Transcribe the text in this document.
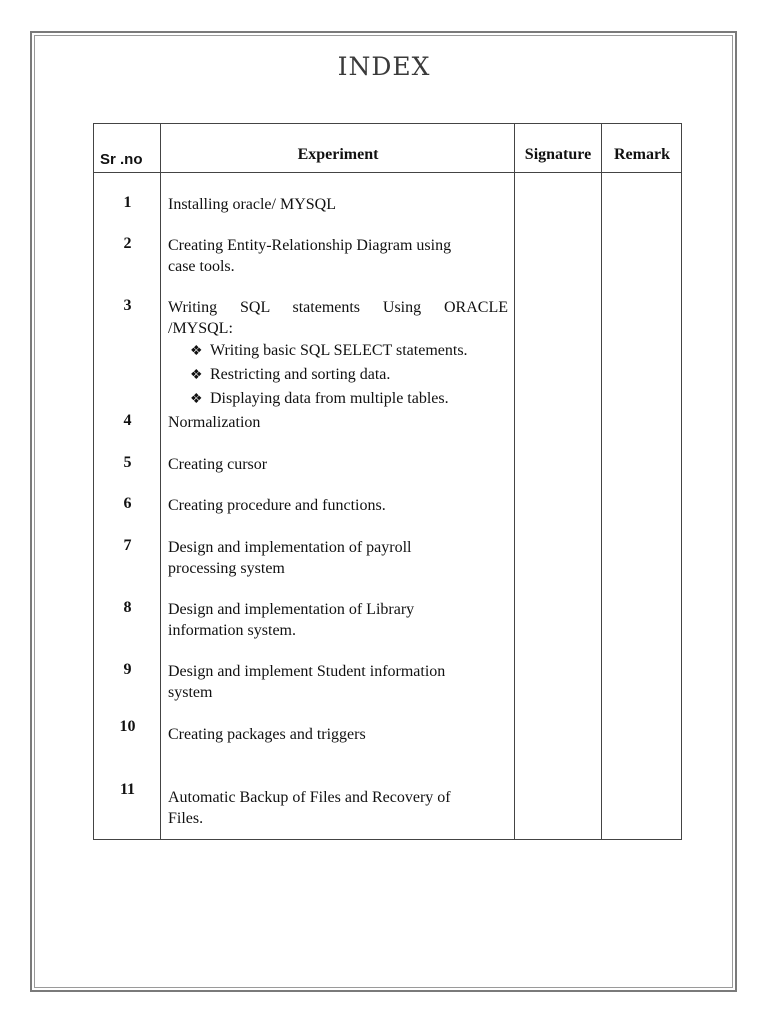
INDEX
Sr .no	Experiment	Signature	Remark
1	Installing oracle/ MYSQL
2	Creating Entity-Relationship Diagram using
case tools.
3	Writing SQL statements Using ORACLE
/MYSQL:
❖ Writing basic SQL SELECT statements.
❖ Restricting and sorting data.
❖ Displaying data from multiple tables.
4	Normalization
5	Creating cursor
6	Creating procedure and functions.
7	Design and implementation of payroll
processing system
8	Design and implementation of Library
information system.
9	Design and implement Student information
system
10	Creating packages and triggers
11	Automatic Backup of Files and Recovery of
Files.
